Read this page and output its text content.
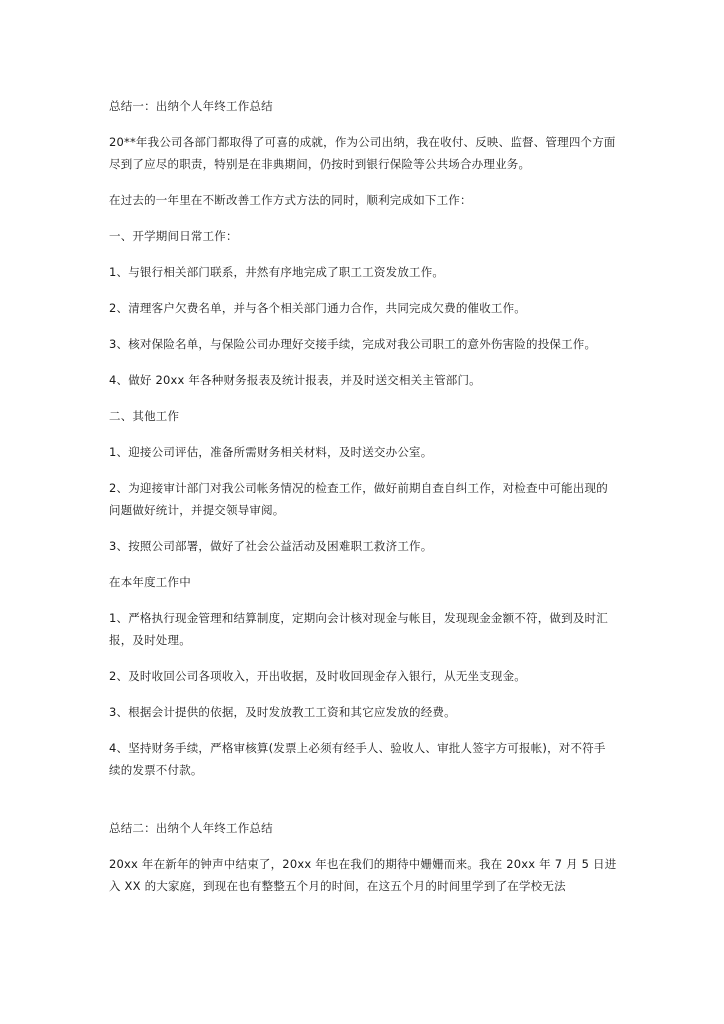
总结一：出纳个人年终工作总结

20**年我公司各部门都取得了可喜的成就，作为公司出纳，我在收付、反映、监督、管理四个方面尽到了应尽的职责，特别是在非典期间，仍按时到银行保险等公共场合办理业务。

在过去的一年里在不断改善工作方式方法的同时，顺利完成如下工作：

一、开学期间日常工作：

1、与银行相关部门联系，井然有序地完成了职工工资发放工作。

2、清理客户欠费名单，并与各个相关部门通力合作，共同完成欠费的催收工作。

3、核对保险名单，与保险公司办理好交接手续，完成对我公司职工的意外伤害险的投保工作。

4、做好 20xx 年各种财务报表及统计报表，并及时送交相关主管部门。

二、其他工作

1、迎接公司评估，准备所需财务相关材料，及时送交办公室。

2、为迎接审计部门对我公司帐务情况的检查工作，做好前期自查自纠工作，对检查中可能出现的问题做好统计，并提交领导审阅。

3、按照公司部署，做好了社会公益活动及困难职工救济工作。

在本年度工作中

1、严格执行现金管理和结算制度，定期向会计核对现金与帐目，发现现金金额不符，做到及时汇报，及时处理。

2、及时收回公司各项收入，开出收据，及时收回现金存入银行，从无坐支现金。

3、根据会计提供的依据，及时发放教工工资和其它应发放的经费。

4、坚持财务手续，严格审核算(发票上必须有经手人、验收人、审批人签字方可报帐)，对不符手续的发票不付款。

总结二：出纳个人年终工作总结

20xx 年在新年的钟声中结束了，20xx 年也在我们的期待中姗姗而来。我在 20xx 年 7 月 5 日进入 XX 的大家庭，到现在也有整整五个月的时间，在这五个月的时间里学到了在学校无法
